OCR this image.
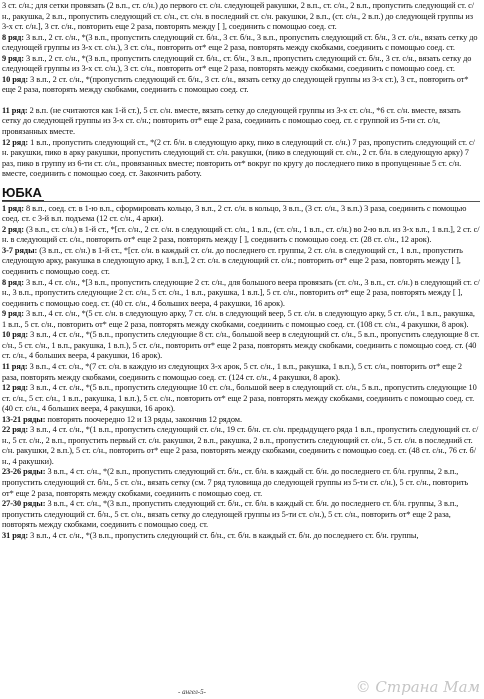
3 ст. с/н.; для сетки провязать (2 в.п., ст. с/н.) до первого ст. с/н. следующей ракушки, 2 в.п., ст. с/н., 2 в.п., пропустить следующий ст. с/н., ракушка, 2 в.п., пропустить следующий ст. с/н., ст. с/н. в последний ст. с/н. ракушки, 2 в.п., (ст. с/н., 2 в.п.) до следующей группы из 3-х ст. с/н.], 3 ст. с/н., повторить еще 2 раза, повторять между [ ], соединить с помощью соед. ст.

8 ряд: 3 в.п., 2 ст. с/н., *(3 в.п., пропустить следующий ст. б/н., 3 ст. б/н., 3 в.п., пропустить следующий ст. б/н., 3 ст. с/н., вязать сетку до следующей группы из 3-х ст. с/н.), 3 ст. с/н., повторить от* еще 2 раза, повторять между скобками, соединить с помощью соед. ст.

9 ряд: 3 в.п., 2 ст. с/н., *(3 в.п., пропустить следующий ст. б/н., ст. б/н., 3 в.п., пропустить следующий ст. б/н., 3 ст. с/н., вязать сетку до следующей группы из 3-х ст. с/н.), 3 ст. с/н., повторить от* еще 2 раза, повторять между скобками, соединить с помощью соед. ст.

10 ряд: 3 в.п., 2 ст. с/н., *(пропустить следующий ст. б/н., 3 ст. с/н., вязать сетку до следующей группы из 3-х ст.), 3 ст., повторить от* еще 2 раза, повторять между скобками, соединить с помощью соед. ст.

11 ряд: 2 в.п. (не считаются как 1-й ст.), 5 ст. с/н. вместе, вязать сетку до следующей группы из 3-х ст. с/н., *6 ст. с/н. вместе, вязать сетку до следующей группы из 3-х ст. с/н.; повторить от* еще 2 раза, соединить с помощью соед. ст. с группой из 5-ти ст. с/н, провязанных вместе.

12 ряд: 1 в.п., пропустить следующий ст., *(2 ст. б/н. в следующую арку, пико в следующий ст. с/н.) 7 раз, пропустить следующий ст. с/н. ракушки, пико в арку ракушки, пропустить следующий ст. с/н. ракушки, (пико в следующий ст. с/н., 2 ст. б/н. в следующую арку) 7 раз, пико в группу из 6-ти ст. с/н., провязанных вместе; повторить от* вокруг по кругу до последнего пико в пропущенные 5 ст. с/н. вместе, соединить с помощью соед. ст. Закончить работу.

ЮБКА

1 ряд: 8 в.п., соед. ст. в 1-ю в.п., сформировать кольцо, 3 в.п., 2 ст. с/н. в кольцо, 3 в.п., (3 ст. с/н., 3 в.п.) 3 раза, соединить с помощью соед. ст. с 3-й в.п. подъема (12 ст. с/н., 4 арки).

2 ряд: (3 в.п., ст. с/н.) в 1-й ст., *[ст. с/н., 2 ст. с/н. в следующий ст. с/н., 1 в.п., (ст. с/н., 1 в.п., ст. с/н.) во 2-ю в.п. из 3-х в.п., 1 в.п.], 2 ст. с/н. в следующий ст. с/н., повторить от* еще 2 раза, повторять между [ ], соединить с помощью соед. ст. (28 ст. с/н., 12 арок).

3-7 ряды: (3 в.п., ст. с/н.) в 1-й ст., *[ст. с/н. в каждый ст. с/н. до последнего ст. группы, 2 ст. с/н. в следующий ст., 1 в.п., пропустить следующую арку, ракушка в следующую арку, 1 в.п.], 2 ст. с/н. в следующий ст. с/н.; повторить от* еще 2 раза, повторять между [ ], соединить с помощью соед. ст.

8 ряд: 3 в.п., 4 ст. с/н., *[3 в.п., пропустить следующие 2 ст. с/н., для большого веера провязать (ст. с/н., 3 в.п., ст. с/н.) в следующий ст. с/н., 3 в.п., пропустить следующие 2 ст. с/н., 5 ст. с/н., 1 в.п., ракушка, 1 в.п.], 5 ст. с/н., повторить от* еще 2 раза, повторять между [ ], соединить с помощью соед. ст. (40 ст. с/н., 4 больших веера, 4 ракушки, 16 арок).

9 ряд: 3 в.п., 4 ст. с/н., *(5 ст. с/н. в следующую арку, 7 ст. с/н. в следующий веер, 5 ст. с/н. в следующую арку, 5 ст. с/н., 1 в.п., ракушка, 1 в.п., 5 ст. с/н., повторить от* еще 2 раза, повторять между скобками, соединить с помощью соед. ст. (108 ст. с/н., 4 ракушки, 8 арок).

10 ряд: 3 в.п., 4 ст. с/н., *(5 в.п., пропустить следующие 8 ст. с/н., большой веер в следующий ст. с/н., 5 в.п., пропустить следующие 8 ст. с/н., 5 ст. с/н., 1 в.п., ракушка, 1 в.п.), 5 ст. с/н., повторить от* еще 2 раза, повторять между скобками, соединить с помощью соед. ст. (40 ст. с/н., 4 больших веера, 4 ракушки, 16 арок).

11 ряд: 3 в.п., 4 ст. с/н., *(7 ст. с/н. в каждую из следующих 3-х арок, 5 ст. с/н., 1 в.п., ракушка, 1 в.п.), 5 ст. с/н., повторить от* еще 2 раза, повторять между скобками, соединить с помощью соед. ст. (124 ст. с/н., 4 ракушки, 8 арок).

12 ряд: 3 в.п., 4 ст. с/н., *(5 в.п., пропустить следующие 10 ст. с/н., большой веер в следующий ст. с/н., 5 в.п., пропустить следующие 10 ст. с/н., 5 ст. с/н., 1 в.п., ракушка, 1 в.п.), 5 ст. с/н., повторить от* еще 2 раза, повторять между скобками, соединить с помощью соед. ст. (40 ст. с/н., 4 больших веера, 4 ракушки, 16 арок).

13-21 ряды: повторять поочередно 12 и 13 ряды, закончив 12 рядом.

22 ряд: 3 в.п., 4 ст. с/н., *(1 в.п., пропустить следующий ст. с/н., 19 ст. б/н. ст. с/н. предыдущего ряда 1 в.п., пропустить следующий ст. с/н., 5 ст. с/н., 2 в.п., пропустить первый ст. с/н. ракушки, 2 в.п., ракушка, 2 в.п., пропустить следующий ст. с/н., 5 ст. с/н. в последний ст. с/н. ракушки, 2 в.п.), 5 ст. с/н., повторить от* еще 2 раза, повторять между скобками, соединить с помощью соед. ст. (48 ст. с/н., 76 ст. б/н., 4 ракушки).

23-26 ряды: 3 в.п., 4 ст. с/н., *(2 в.п., пропустить следующий ст. б/н., ст. б/н. в каждый ст. б/н. до последнего ст. б/н. группы, 2 в.п., пропустить следующий ст. б/н., 5 ст. с/н., вязать сетку (см. 7 ряд туловища до следующей группы из 5-ти ст. с/н.), 5 ст. с/н., повторить от* еще 2 раза, повторять между скобками, соединить с помощью соед. ст.

27-30 ряды: 3 в.п., 4 ст. с/н., *(3 в.п., пропустить следующий ст. б/н., ст. б/н. в каждый ст. б/н. до последнего ст. б/н. группы, 3 в.п., пропустить следующий ст. б/н., 5 ст. с/н., вязать сетку до следующей группы из 5-ти ст. с/н.), 5 ст. с/н., повторить от* еще 2 раза, повторять между скобками, соединить с помощью соед. ст.

31 ряд: 3 в.п., 4 ст. с/н., *(3 в.п., пропустить следующий ст. б/н., ст. б/н. в каждый ст. б/н. до последнего ст. б/н. группы,

- ангел-5-	© Страна Мам
